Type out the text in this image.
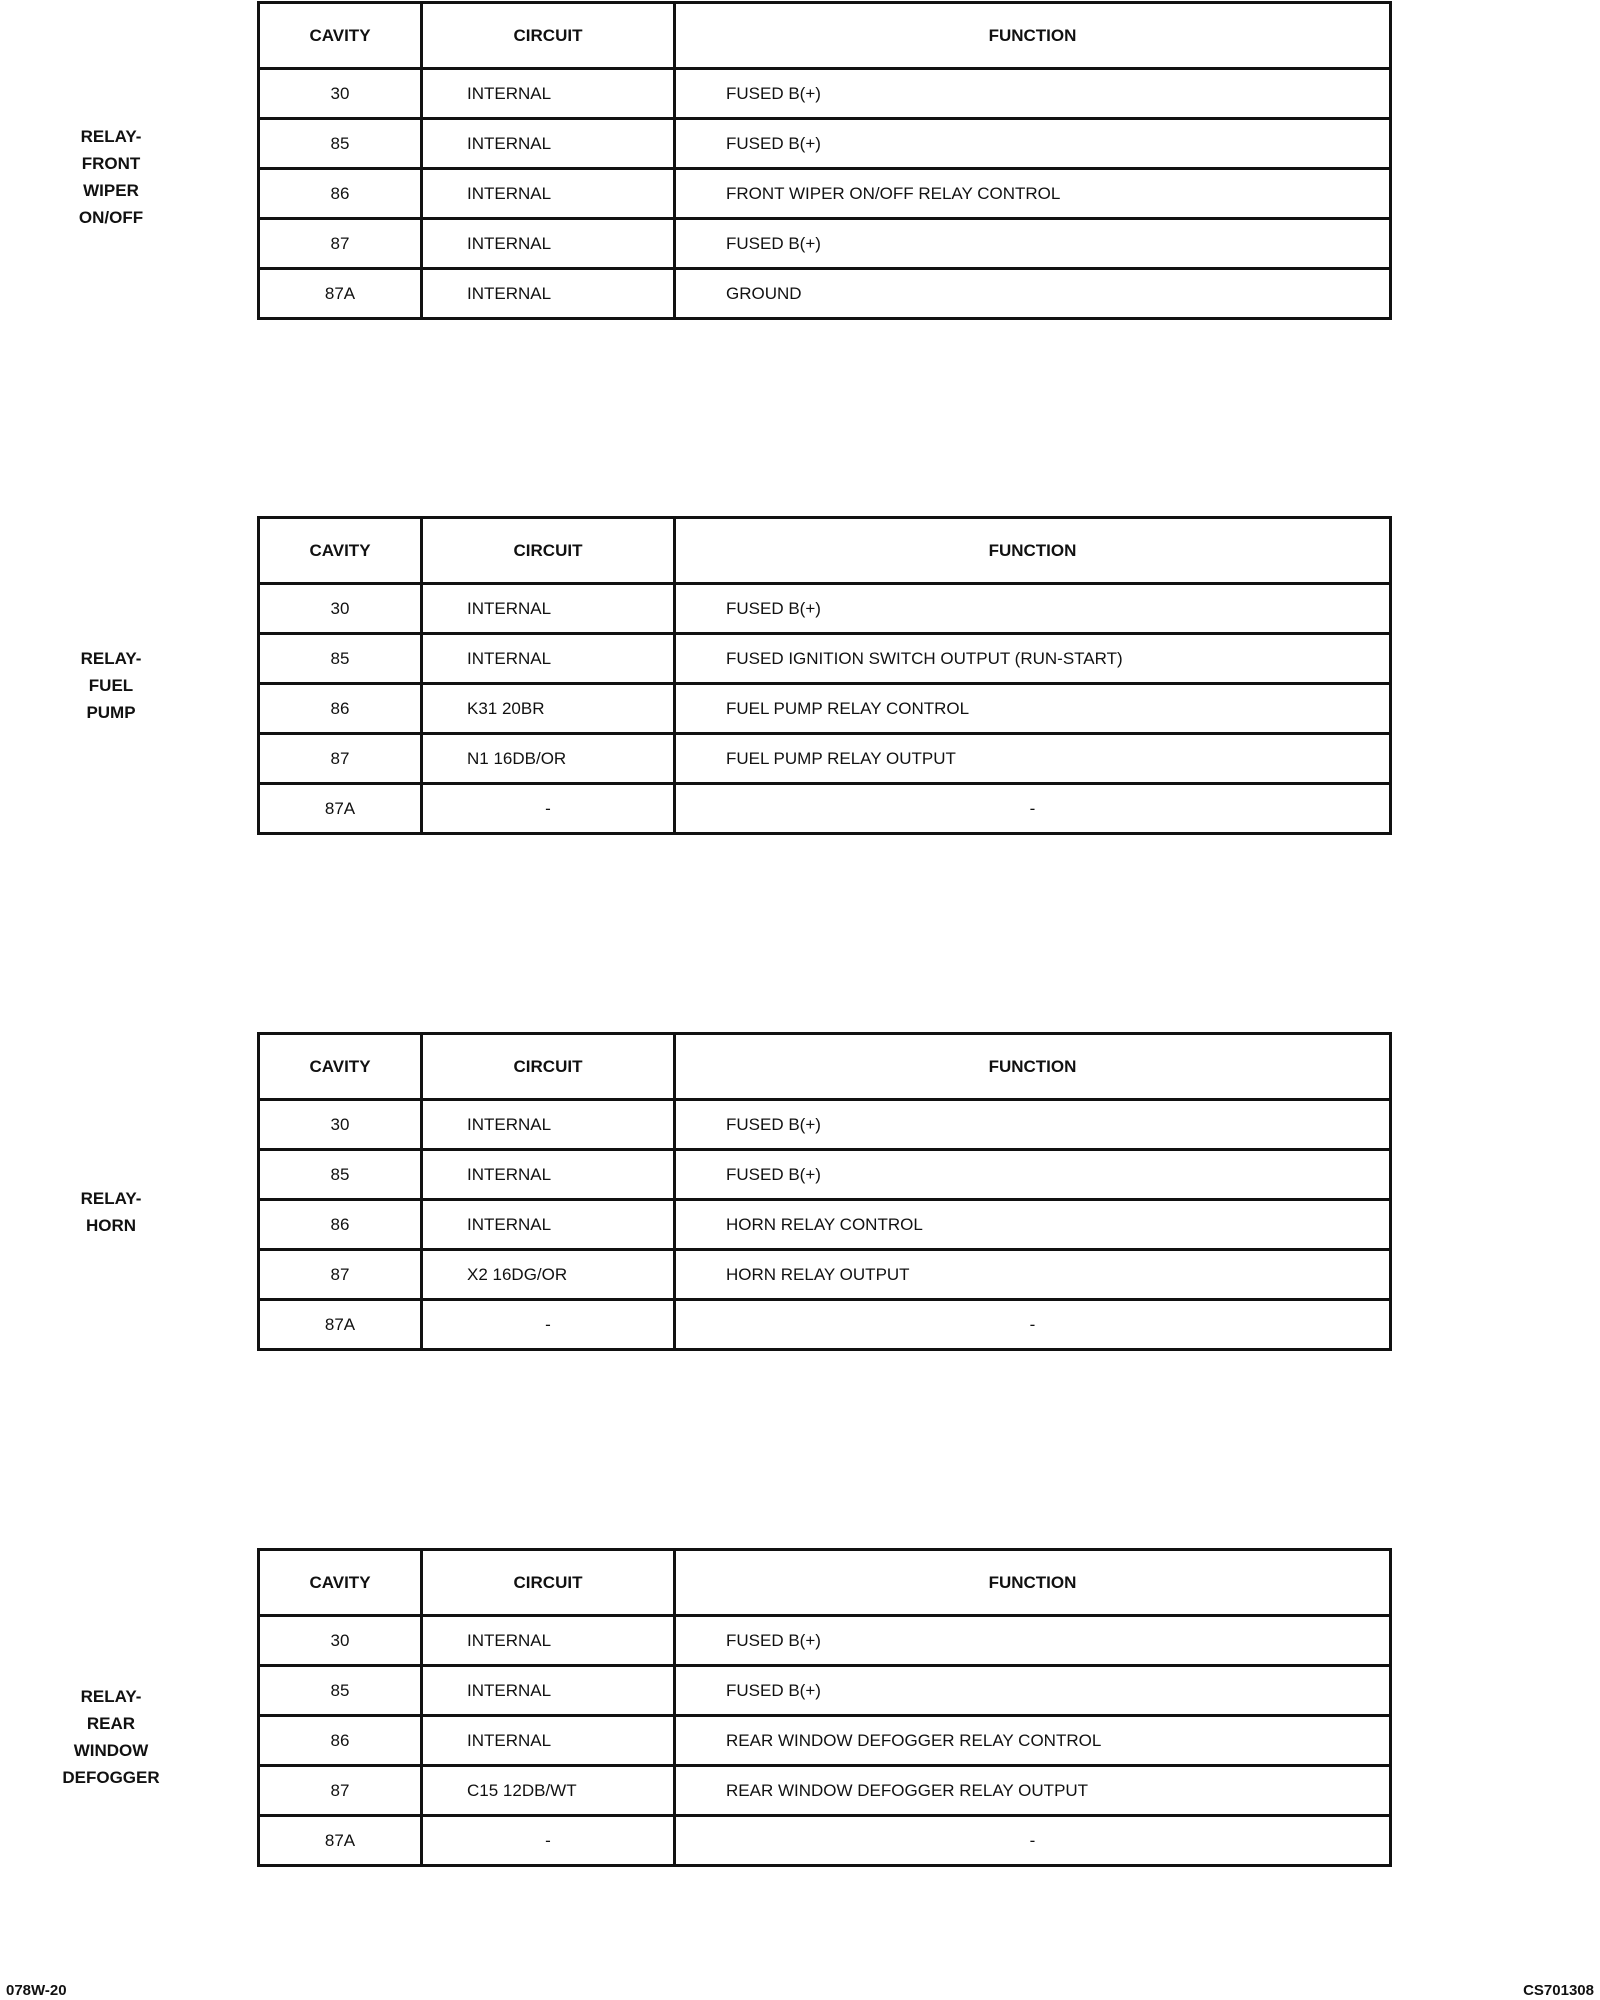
RELAY-
FRONT
WIPER
ON/OFF
CAVITY	CIRCUIT	FUNCTION
30	INTERNAL	FUSED B(+)
85	INTERNAL	FUSED B(+)
86	INTERNAL	FRONT WIPER ON/OFF RELAY CONTROL
87	INTERNAL	FUSED B(+)
87A	INTERNAL	GROUND
RELAY-
FUEL
PUMP
CAVITY	CIRCUIT	FUNCTION
30	INTERNAL	FUSED B(+)
85	INTERNAL	FUSED IGNITION SWITCH OUTPUT (RUN-START)
86	K31 20BR	FUEL PUMP RELAY CONTROL
87	N1 16DB/OR	FUEL PUMP RELAY OUTPUT
87A	-	-
RELAY-
HORN
CAVITY	CIRCUIT	FUNCTION
30	INTERNAL	FUSED B(+)
85	INTERNAL	FUSED B(+)
86	INTERNAL	HORN RELAY CONTROL
87	X2 16DG/OR	HORN RELAY OUTPUT
87A	-	-
RELAY-
REAR
WINDOW
DEFOGGER
CAVITY	CIRCUIT	FUNCTION
30	INTERNAL	FUSED B(+)
85	INTERNAL	FUSED B(+)
86	INTERNAL	REAR WINDOW DEFOGGER RELAY CONTROL
87	C15 12DB/WT	REAR WINDOW DEFOGGER RELAY OUTPUT
87A	-	-
078W-20	CS701308
